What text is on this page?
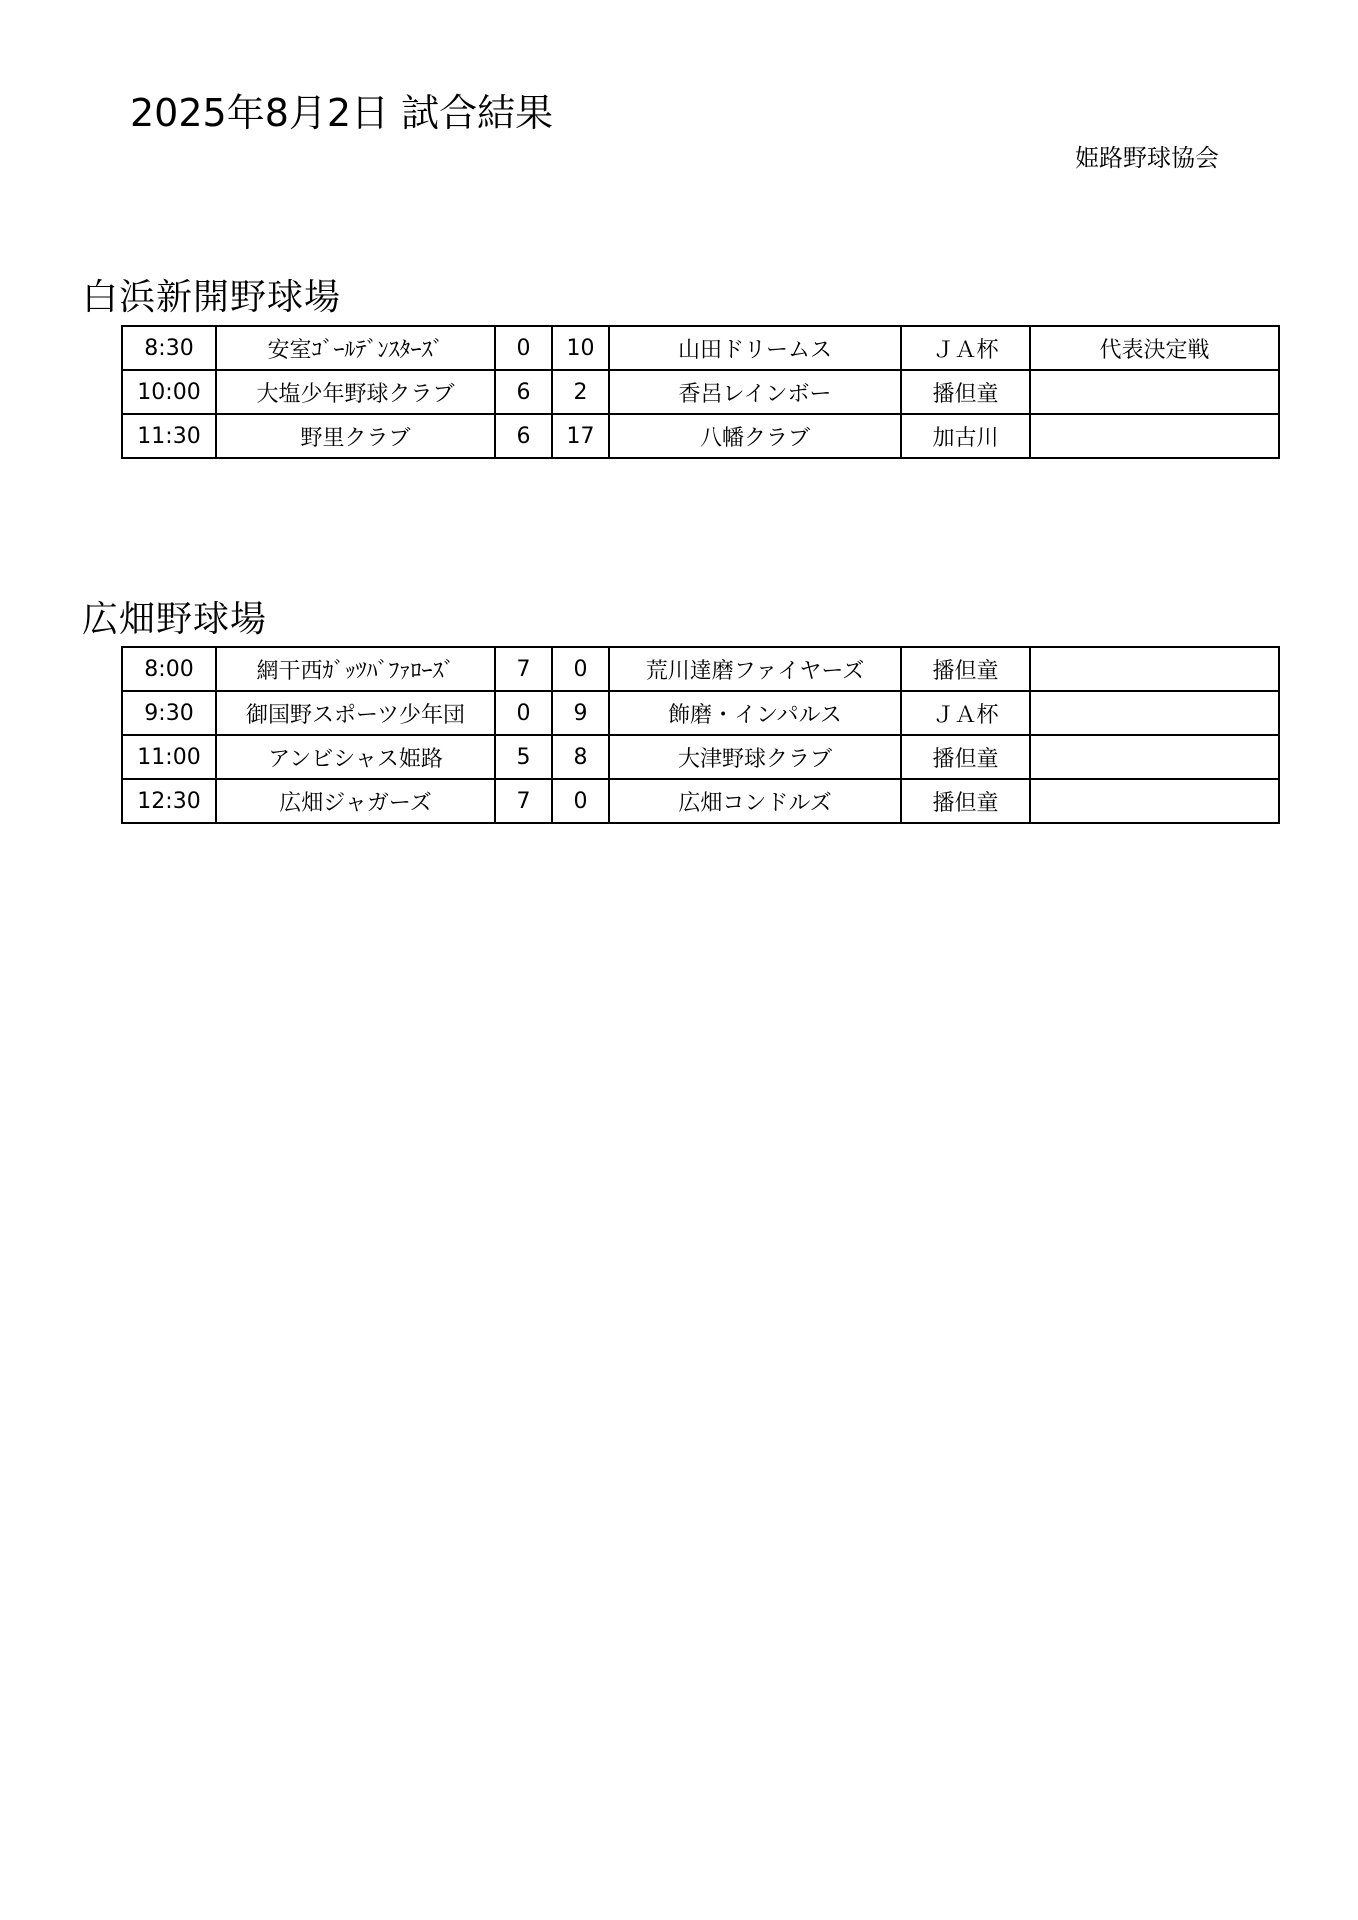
2025年8月2日 試合結果
姫路野球協会
白浜新開野球場
8:30	安室ｺﾞｰﾙﾃﾞﾝｽﾀｰｽﾞ	0	10	山田ドリームス	ＪＡ杯	代表決定戦
10:00	大塩少年野球クラブ	6	2	香呂レインボー	播但童	
11:30	野里クラブ	6	17	八幡クラブ	加古川	
広畑野球場
8:00	網干西ｶﾞｯﾂﾊﾞﾌｧﾛｰｽﾞ	7	0	荒川達磨ファイヤーズ	播但童	
9:30	御国野スポーツ少年団	0	9	飾磨・インパルス	ＪＡ杯	
11:00	アンビシャス姫路	5	8	大津野球クラブ	播但童	
12:30	広畑ジャガーズ	7	0	広畑コンドルズ	播但童	
